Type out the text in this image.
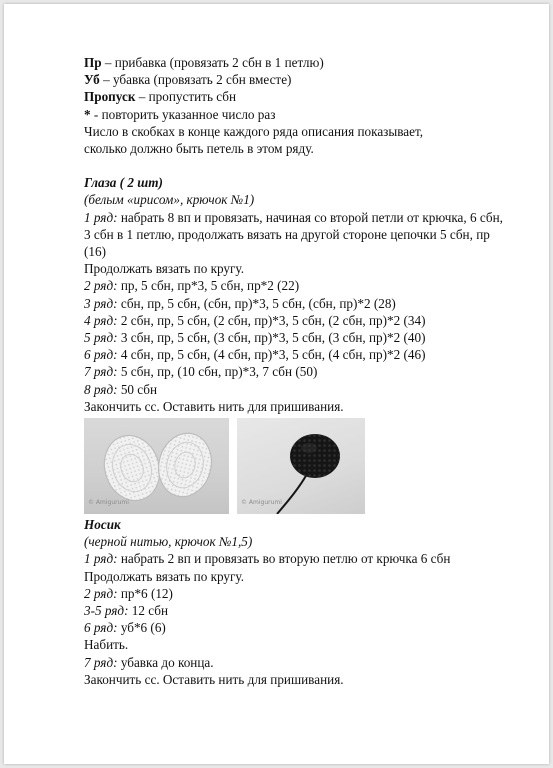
Пр – прибавка (провязать 2 сбн в 1 петлю)
Уб – убавка (провязать 2 сбн вместе)
Пропуск – пропустить сбн
* - повторить указанное число раз
Число в скобках в конце каждого ряда описания показывает,
сколько должно быть петель в этом ряду.
Глаза ( 2 шт)
(белым «ирисом», крючок №1)
1 ряд: набрать 8 вп и провязать, начиная со второй петли от крючка, 6 сбн, 3 сбн в 1 петлю, продолжать вязать на другой стороне цепочки 5 сбн, пр (16)
Продолжать вязать по кругу.
2 ряд: пр, 5 сбн, пр*3, 5 сбн, пр*2 (22)
3 ряд: сбн, пр, 5 сбн, (сбн, пр)*3, 5 сбн, (сбн, пр)*2 (28)
4 ряд: 2 сбн, пр, 5 сбн, (2 сбн, пр)*3, 5 сбн, (2 сбн, пр)*2 (34)
5 ряд: 3 сбн, пр, 5 сбн, (3 сбн, пр)*3, 5 сбн, (3 сбн, пр)*2 (40)
6 ряд: 4 сбн, пр, 5 сбн, (4 сбн, пр)*3, 5 сбн, (4 сбн, пр)*2 (46)
7 ряд: 5 сбн, пр, (10 сбн, пр)*3, 7 сбн (50)
8 ряд: 50 сбн
Закончить сс. Оставить нить для пришивания.
© Amigurumi	© Amigurumi
Носик
(черной нитью, крючок №1,5)
1 ряд: набрать 2 вп и провязать во вторую петлю от крючка 6 сбн
Продолжать вязать по кругу.
2 ряд: пр*6 (12)
3-5 ряд: 12 сбн
6 ряд: уб*6 (6)
Набить.
7 ряд: убавка до конца.
Закончить сс. Оставить нить для пришивания.
